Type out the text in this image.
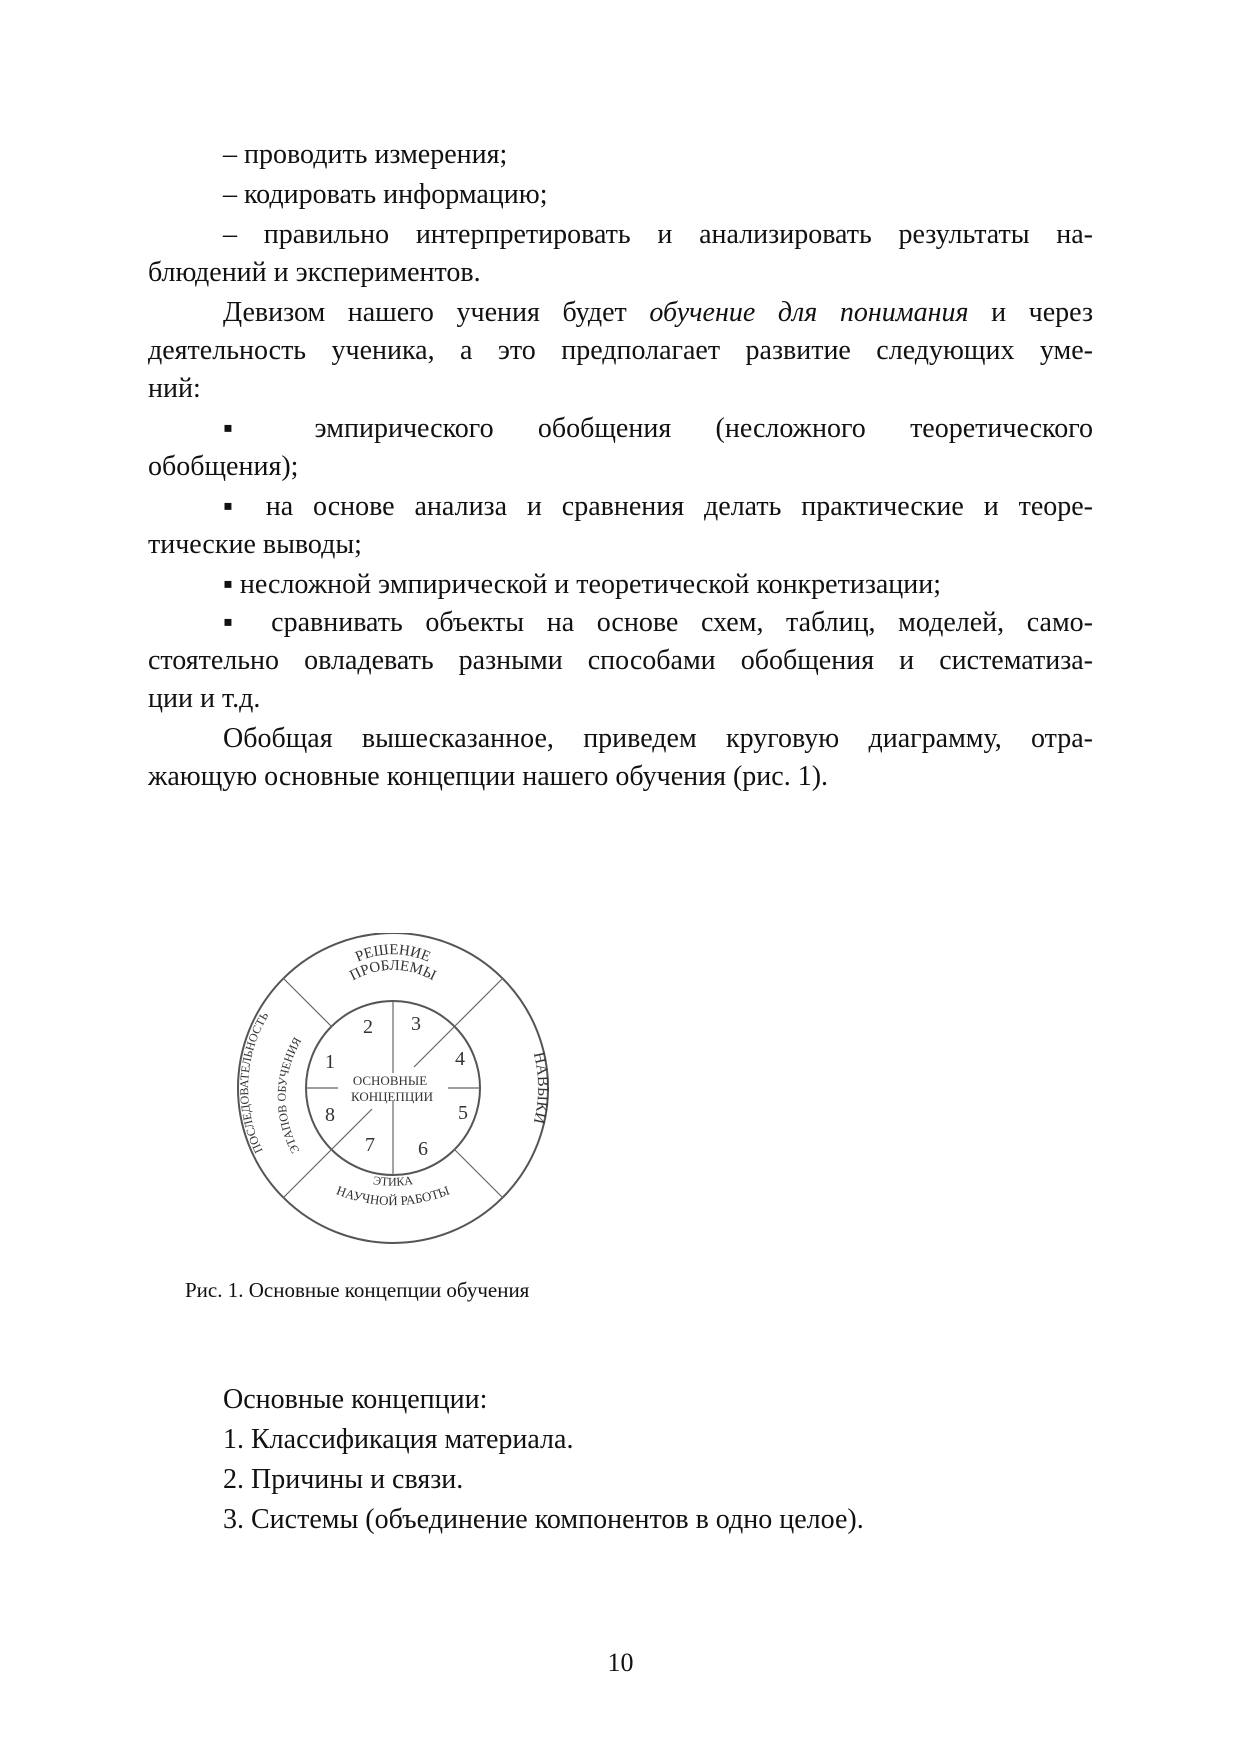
– проводить измерения;
– кодировать информацию;
– правильно интерпретировать и анализировать результаты на-
блюдений и экспериментов.
Девизом нашего учения будет обучение для понимания и через
деятельность ученика, а это предполагает развитие следующих уме-
ний:
▪ эмпирического обобщения (несложного теоретического
обобщения);
▪ на основе анализа и сравнения делать практические и теоре-
тические выводы;
▪ несложной эмпирической и теоретической конкретизации;
▪ сравнивать объекты на основе схем, таблиц, моделей, само-
стоятельно овладевать разными способами обобщения и систематиза-
ции и т.д.
Обобщая вышесказанное, приведем круговую диаграмму, отра-
жающую основные концепции нашего обучения (рис. 1).
ОСНОВНЫЕ
КОНЦЕПЦИИ
1
2 3
4
5
6
7
8
РЕШЕНИЕ
ПРОБЛЕМЫ
НАВЫКИ
ЭТИКА
НАУЧНОЙ РАБОТЫ
ПОСЛЕДОВАТЕЛЬНОСТЬ
ЭТАПОВ ОБУЧЕНИЯ
Рис. 1. Основные концепции обучения
Основные концепции:
1. Классификация материала.
2. Причины и связи.
3. Системы (объединение компонентов в одно целое).
10
